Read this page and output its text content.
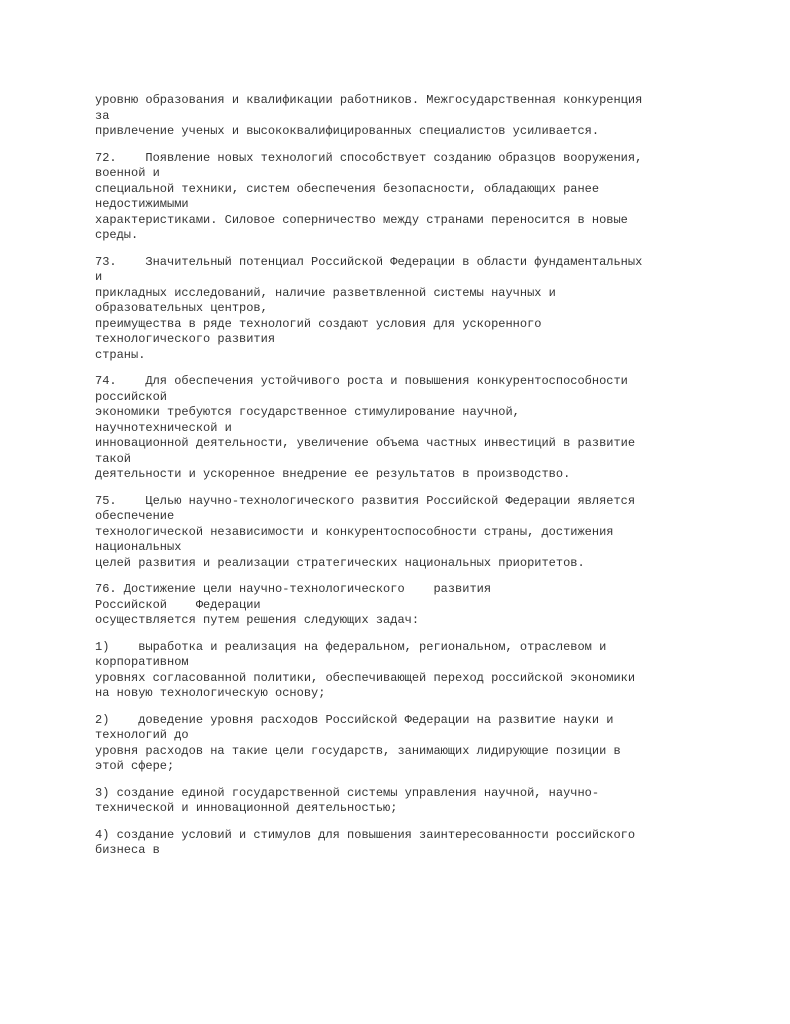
уровню образования и квалификации работников. Межгосударственная конкуренция
за
привлечение ученых и высококвалифицированных специалистов усиливается.
72.    Появление новых технологий способствует созданию образцов вооружения,
военной и
специальной техники, систем обеспечения безопасности, обладающих ранее
недостижимыми
характеристиками. Силовое соперничество между странами переносится в новые
среды.
73.    Значительный потенциал Российской Федерации в области фундаментальных
и
прикладных исследований, наличие разветвленной системы научных и
образовательных центров,
преимущества в ряде технологий создают условия для ускоренного
технологического развития
страны.
74.    Для обеспечения устойчивого роста и повышения конкурентоспособности
российской
экономики требуются государственное стимулирование научной,
научнотехнической и
инновационной деятельности, увеличение объема частных инвестиций в развитие
такой
деятельности и ускоренное внедрение ее результатов в производство.
75.    Целью научно-технологического развития Российской Федерации является
обеспечение
технологической независимости и конкурентоспособности страны, достижения
национальных
целей развития и реализации стратегических национальных приоритетов.
76. Достижение цели научно-технологического    развития
Российской    Федерации
осуществляется путем решения следующих задач:
1)    выработка и реализация на федеральном, региональном, отраслевом и
корпоративном
уровнях согласованной политики, обеспечивающей переход российской экономики
на новую технологическую основу;
2)    доведение уровня расходов Российской Федерации на развитие науки и
технологий до
уровня расходов на такие цели государств, занимающих лидирующие позиции в
этой сфере;
3) создание единой государственной системы управления научной, научно-
технической и инновационной деятельностью;
4) создание условий и стимулов для повышения заинтересованности российского
бизнеса в
